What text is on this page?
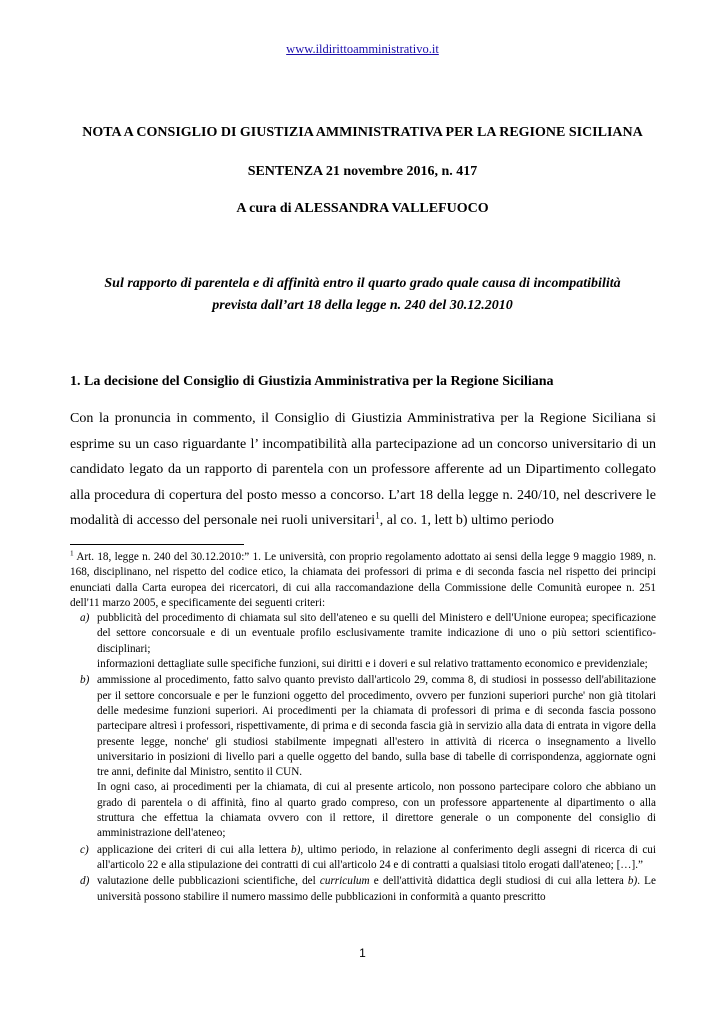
www.ildirittoamministrativo.it
NOTA A CONSIGLIO DI GIUSTIZIA AMMINISTRATIVA PER LA REGIONE SICILIANA
SENTENZA 21 novembre 2016, n. 417
A cura di ALESSANDRA VALLEFUOCO
Sul rapporto di parentela e di affinità entro il quarto grado quale causa di incompatibilità
prevista dall’art 18 della legge n. 240 del 30.12.2010
1. La decisione del Consiglio di Giustizia Amministrativa per la Regione Siciliana

Con la pronuncia in commento, il Consiglio di Giustizia Amministrativa per la Regione Siciliana si esprime su un caso riguardante l’ incompatibilità alla partecipazione ad un concorso universitario di un candidato legato da un rapporto di parentela con un professore afferente ad un Dipartimento collegato alla procedura di copertura del posto messo a concorso. L’art 18 della legge n. 240/10, nel descrivere le modalità di accesso del personale nei ruoli universitari$^1$, al co. 1, lett b) ultimo periodo

$^1$ Art. 18, legge n. 240 del 30.12.2010:” 1. Le università, con proprio regolamento adottato ai sensi della legge 9 maggio 1989, n. 168, disciplinano, nel rispetto del codice etico, la chiamata dei professori di prima e di seconda fascia nel rispetto dei principi enunciati dalla Carta europea dei ricercatori, di cui alla raccomandazione della Commissione delle Comunità europee n. 251 dell'11 marzo 2005, e specificamente dei seguenti criteri:

a) pubblicità del procedimento di chiamata sul sito dell'ateneo e su quelli del Ministero e dell'Unione europea; specificazione del settore concorsuale e di un eventuale profilo esclusivamente tramite indicazione di uno o più settori scientifico-disciplinari;

informazioni dettagliate sulle specifiche funzioni, sui diritti e i doveri e sul relativo trattamento economico e previdenziale;

b) ammissione al procedimento, fatto salvo quanto previsto dall'articolo 29, comma 8, di studiosi in possesso dell'abilitazione per il settore concorsuale e per le funzioni oggetto del procedimento, ovvero per funzioni superiori purche' non già titolari delle medesime funzioni superiori. Ai procedimenti per la chiamata di professori di prima e di seconda fascia possono partecipare altresì i professori, rispettivamente, di prima e di seconda fascia già in servizio alla data di entrata in vigore della presente legge, nonche' gli studiosi stabilmente impegnati all'estero in attività di ricerca o insegnamento a livello universitario in posizioni di livello pari a quelle oggetto del bando, sulla base di tabelle di corrispondenza, aggiornate ogni tre anni, definite dal Ministro, sentito il CUN.

In ogni caso, ai procedimenti per la chiamata, di cui al presente articolo, non possono partecipare coloro che abbiano un grado di parentela o di affinità, fino al quarto grado compreso, con un professore appartenente al dipartimento o alla struttura che effettua la chiamata ovvero con il rettore, il direttore generale o un componente del consiglio di amministrazione dell'ateneo;

c) applicazione dei criteri di cui alla lettera b), ultimo periodo, in relazione al conferimento degli assegni di ricerca di cui all'articolo 22 e alla stipulazione dei contratti di cui all'articolo 24 e di contratti a qualsiasi titolo erogati dall'ateneo; […].”

d) valutazione delle pubblicazioni scientifiche, del curriculum e dell'attività didattica degli studiosi di cui alla lettera b). Le università possono stabilire il numero massimo delle pubblicazioni in conformità a quanto prescritto

1
